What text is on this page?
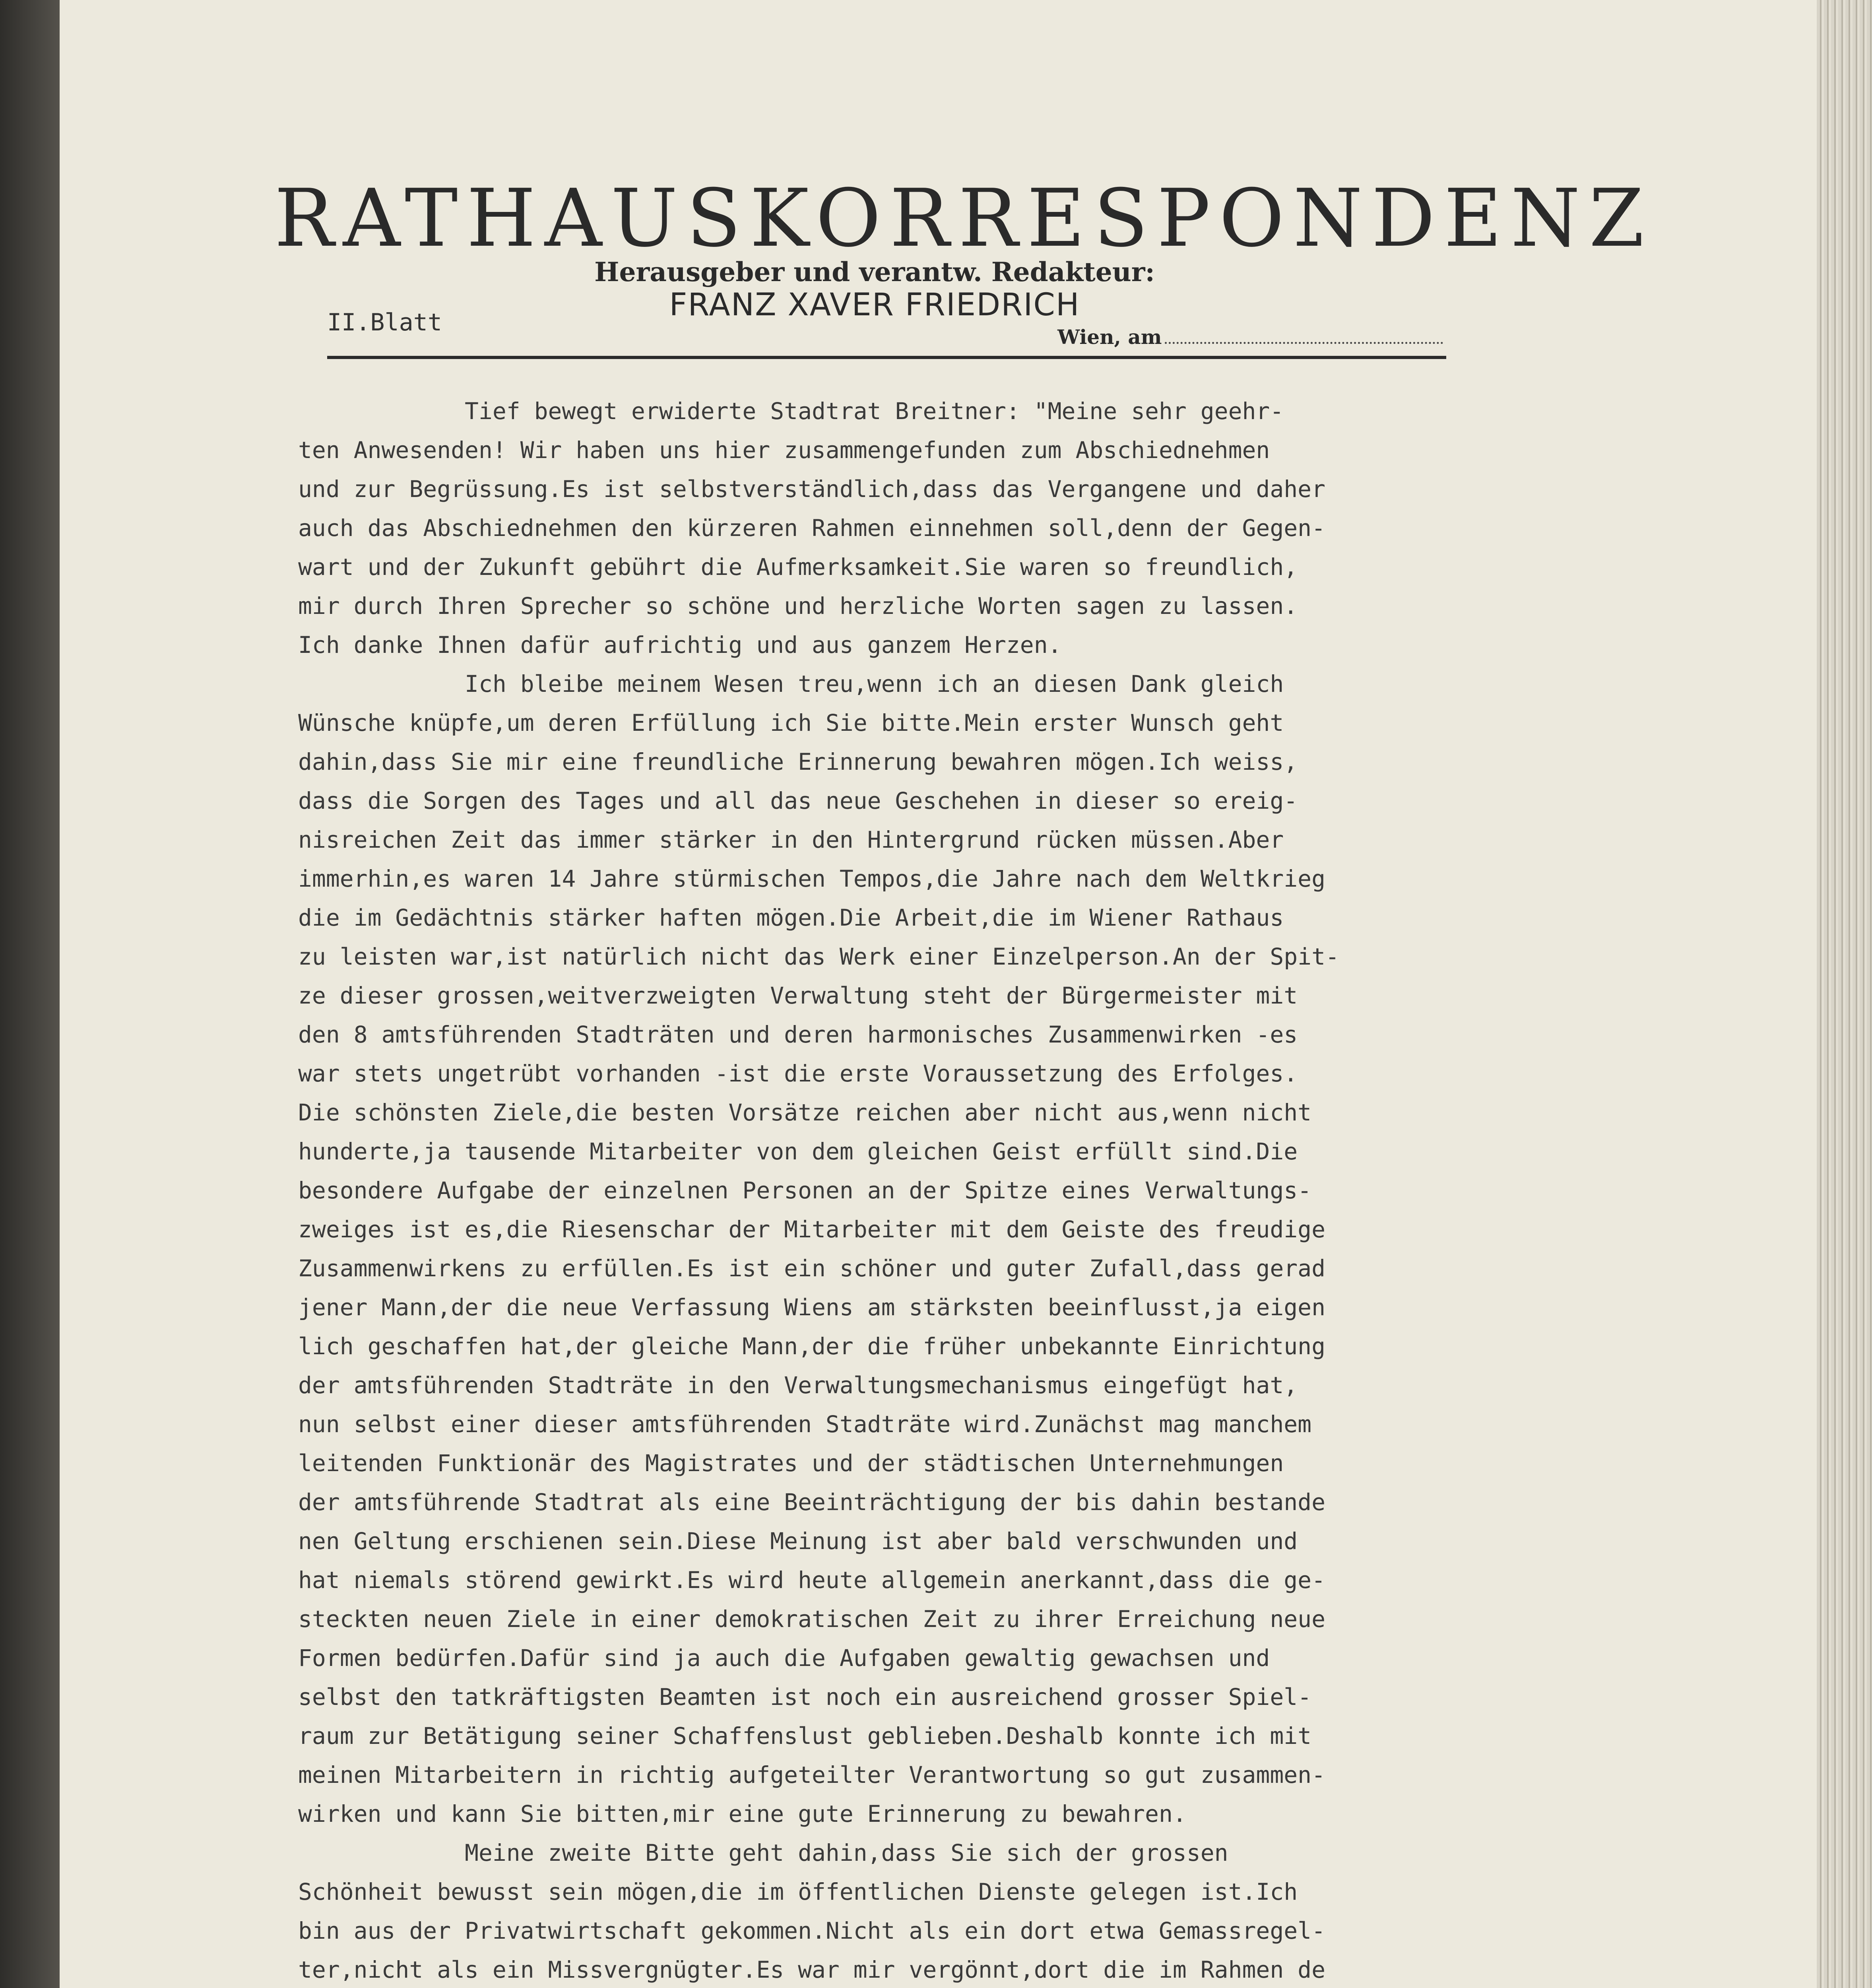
RATHAUSKORRESPONDENZ
Herausgeber und verantw. Redakteur:
FRANZ XAVER FRIEDRICH
II.Blatt
Wien, am
Tief bewegt erwiderte Stadtrat Breitner: "Meine sehr geehr-
ten Anwesenden! Wir haben uns hier zusammengefunden zum Abschiednehmen
und zur Begrüssung.Es ist selbstverständlich,dass das Vergangene und daher
auch das Abschiednehmen den kürzeren Rahmen einnehmen soll,denn der Gegen-
wart und der Zukunft gebührt die Aufmerksamkeit.Sie waren so freundlich,
mir durch Ihren Sprecher so schöne und herzliche Worten sagen zu lassen.
Ich danke Ihnen dafür aufrichtig und aus ganzem Herzen.
Ich bleibe meinem Wesen treu,wenn ich an diesen Dank gleich
Wünsche knüpfe,um deren Erfüllung ich Sie bitte.Mein erster Wunsch geht
dahin,dass Sie mir eine freundliche Erinnerung bewahren mögen.Ich weiss,
dass die Sorgen des Tages und all das neue Geschehen in dieser so ereig-
nisreichen Zeit das immer stärker in den Hintergrund rücken müssen.Aber
immerhin,es waren 14 Jahre stürmischen Tempos,die Jahre nach dem Weltkrieg
die im Gedächtnis stärker haften mögen.Die Arbeit,die im Wiener Rathaus
zu leisten war,ist natürlich nicht das Werk einer Einzelperson.An der Spit-
ze dieser grossen,weitverzweigten Verwaltung steht der Bürgermeister mit
den 8 amtsführenden Stadträten und deren harmonisches Zusammenwirken -es
war stets ungetrübt vorhanden -ist die erste Voraussetzung des Erfolges.
Die schönsten Ziele,die besten Vorsätze reichen aber nicht aus,wenn nicht
hunderte,ja tausende Mitarbeiter von dem gleichen Geist erfüllt sind.Die
besondere Aufgabe der einzelnen Personen an der Spitze eines Verwaltungs-
zweiges ist es,die Riesenschar der Mitarbeiter mit dem Geiste des freudige
Zusammenwirkens zu erfüllen.Es ist ein schöner und guter Zufall,dass gerad
jener Mann,der die neue Verfassung Wiens am stärksten beeinflusst,ja eigen
lich geschaffen hat,der gleiche Mann,der die früher unbekannte Einrichtung
der amtsführenden Stadträte in den Verwaltungsmechanismus eingefügt hat,
nun selbst einer dieser amtsführenden Stadträte wird.Zunächst mag manchem
leitenden Funktionär des Magistrates und der städtischen Unternehmungen
der amtsführende Stadtrat als eine Beeinträchtigung der bis dahin bestande
nen Geltung erschienen sein.Diese Meinung ist aber bald verschwunden und
hat niemals störend gewirkt.Es wird heute allgemein anerkannt,dass die ge-
steckten neuen Ziele in einer demokratischen Zeit zu ihrer Erreichung neue
Formen bedürfen.Dafür sind ja auch die Aufgaben gewaltig gewachsen und
selbst den tatkräftigsten Beamten ist noch ein ausreichend grosser Spiel-
raum zur Betätigung seiner Schaffenslust geblieben.Deshalb konnte ich mit
meinen Mitarbeitern in richtig aufgeteilter Verantwortung so gut zusammen-
wirken und kann Sie bitten,mir eine gute Erinnerung zu bewahren.
Meine zweite Bitte geht dahin,dass Sie sich der grossen
Schönheit bewusst sein mögen,die im öffentlichen Dienste gelegen ist.Ich
bin aus der Privatwirtschaft gekommen.Nicht als ein dort etwa Gemassregel-
ter,nicht als ein Missvergnügter.Es war mir vergönnt,dort die im Rahmen de
